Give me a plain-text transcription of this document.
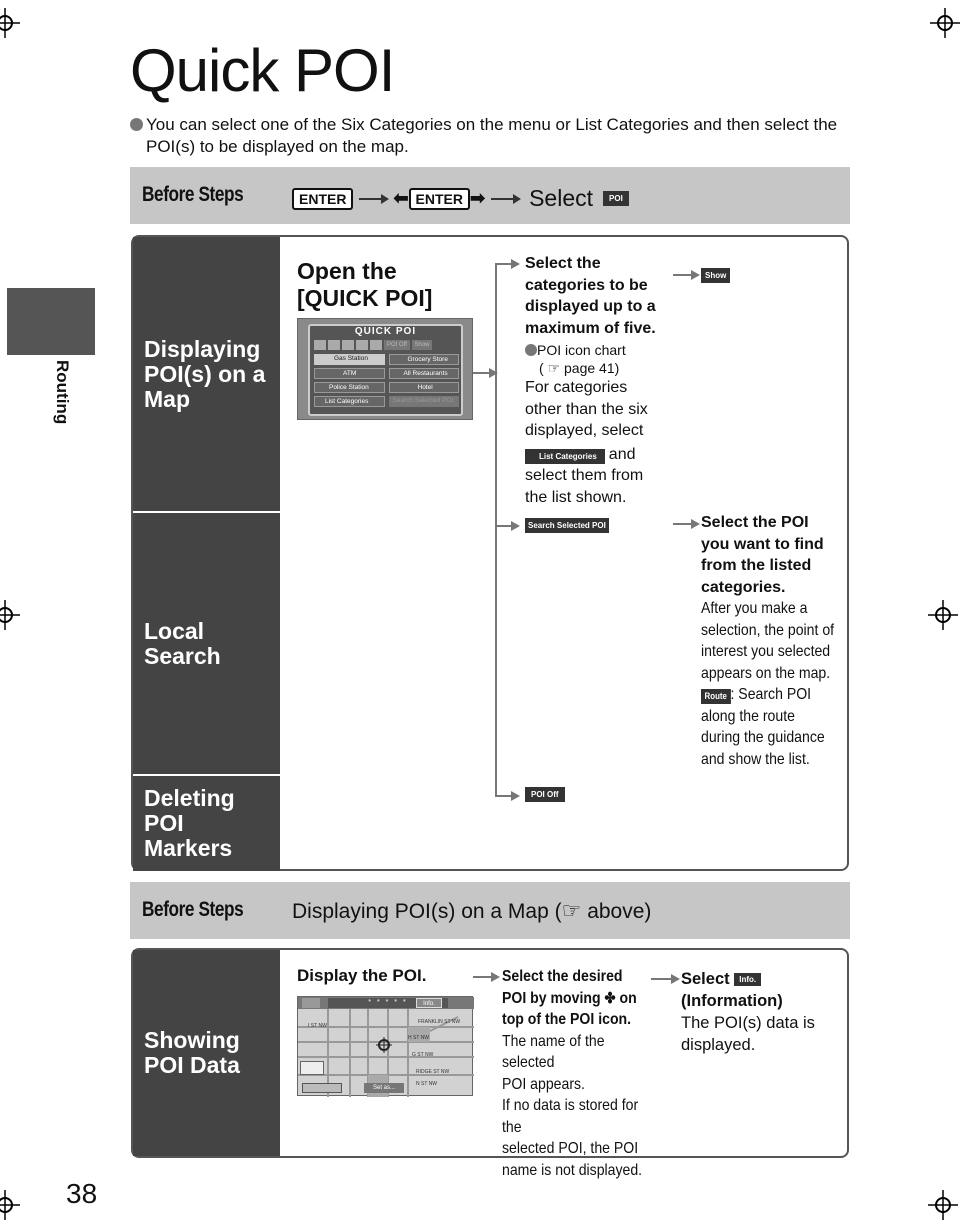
Routing
Quick POI
You can select one of the Six Categories on the menu or List Categories and then select the
POI(s) to be displayed on the map.
Before Steps	ENTER	⬅ ENTER ➡ Select	POI
Displaying
POI(s) on a
Map
Local
Search
Deleting
POI
Markers
Open the
[QUICK POI]
QUICK POI
POI Off	Show
Gas Station	Grocery Store
ATM	All Restaurants
Police Station	Hotel
List Categories	Search Selected POI
Select the
categories to be
displayed up to a
maximum of five.
POI icon chart
( ☞ page 41)
For categories
other than the six
displayed, select
List Categories and
select them from
the list shown.
Show
Search Selected POI	Select the POI
you want to find
from the listed
categories.
After you make a
selection, the point of
interest you selected
appears on the map.
Route : Search POI
along the route
during the guidance
and show the list.
POI Off
Before Steps Displaying POI(s) on a Map (☞ above)
Showing
POI Data
Display the POI.
* * * * *	Info.
Set as...
FRANKLIN ST NW
I ST NW
H ST NW
G ST NW
RIDGE ST NW
N ST NW
Select the desired
POI by moving ✤ on
top of the POI icon.
The name of the selected
POI appears.
If no data is stored for the
selected POI, the POI
name is not displayed.
Select Info.
(Information)
The POI(s) data is
displayed.
38
